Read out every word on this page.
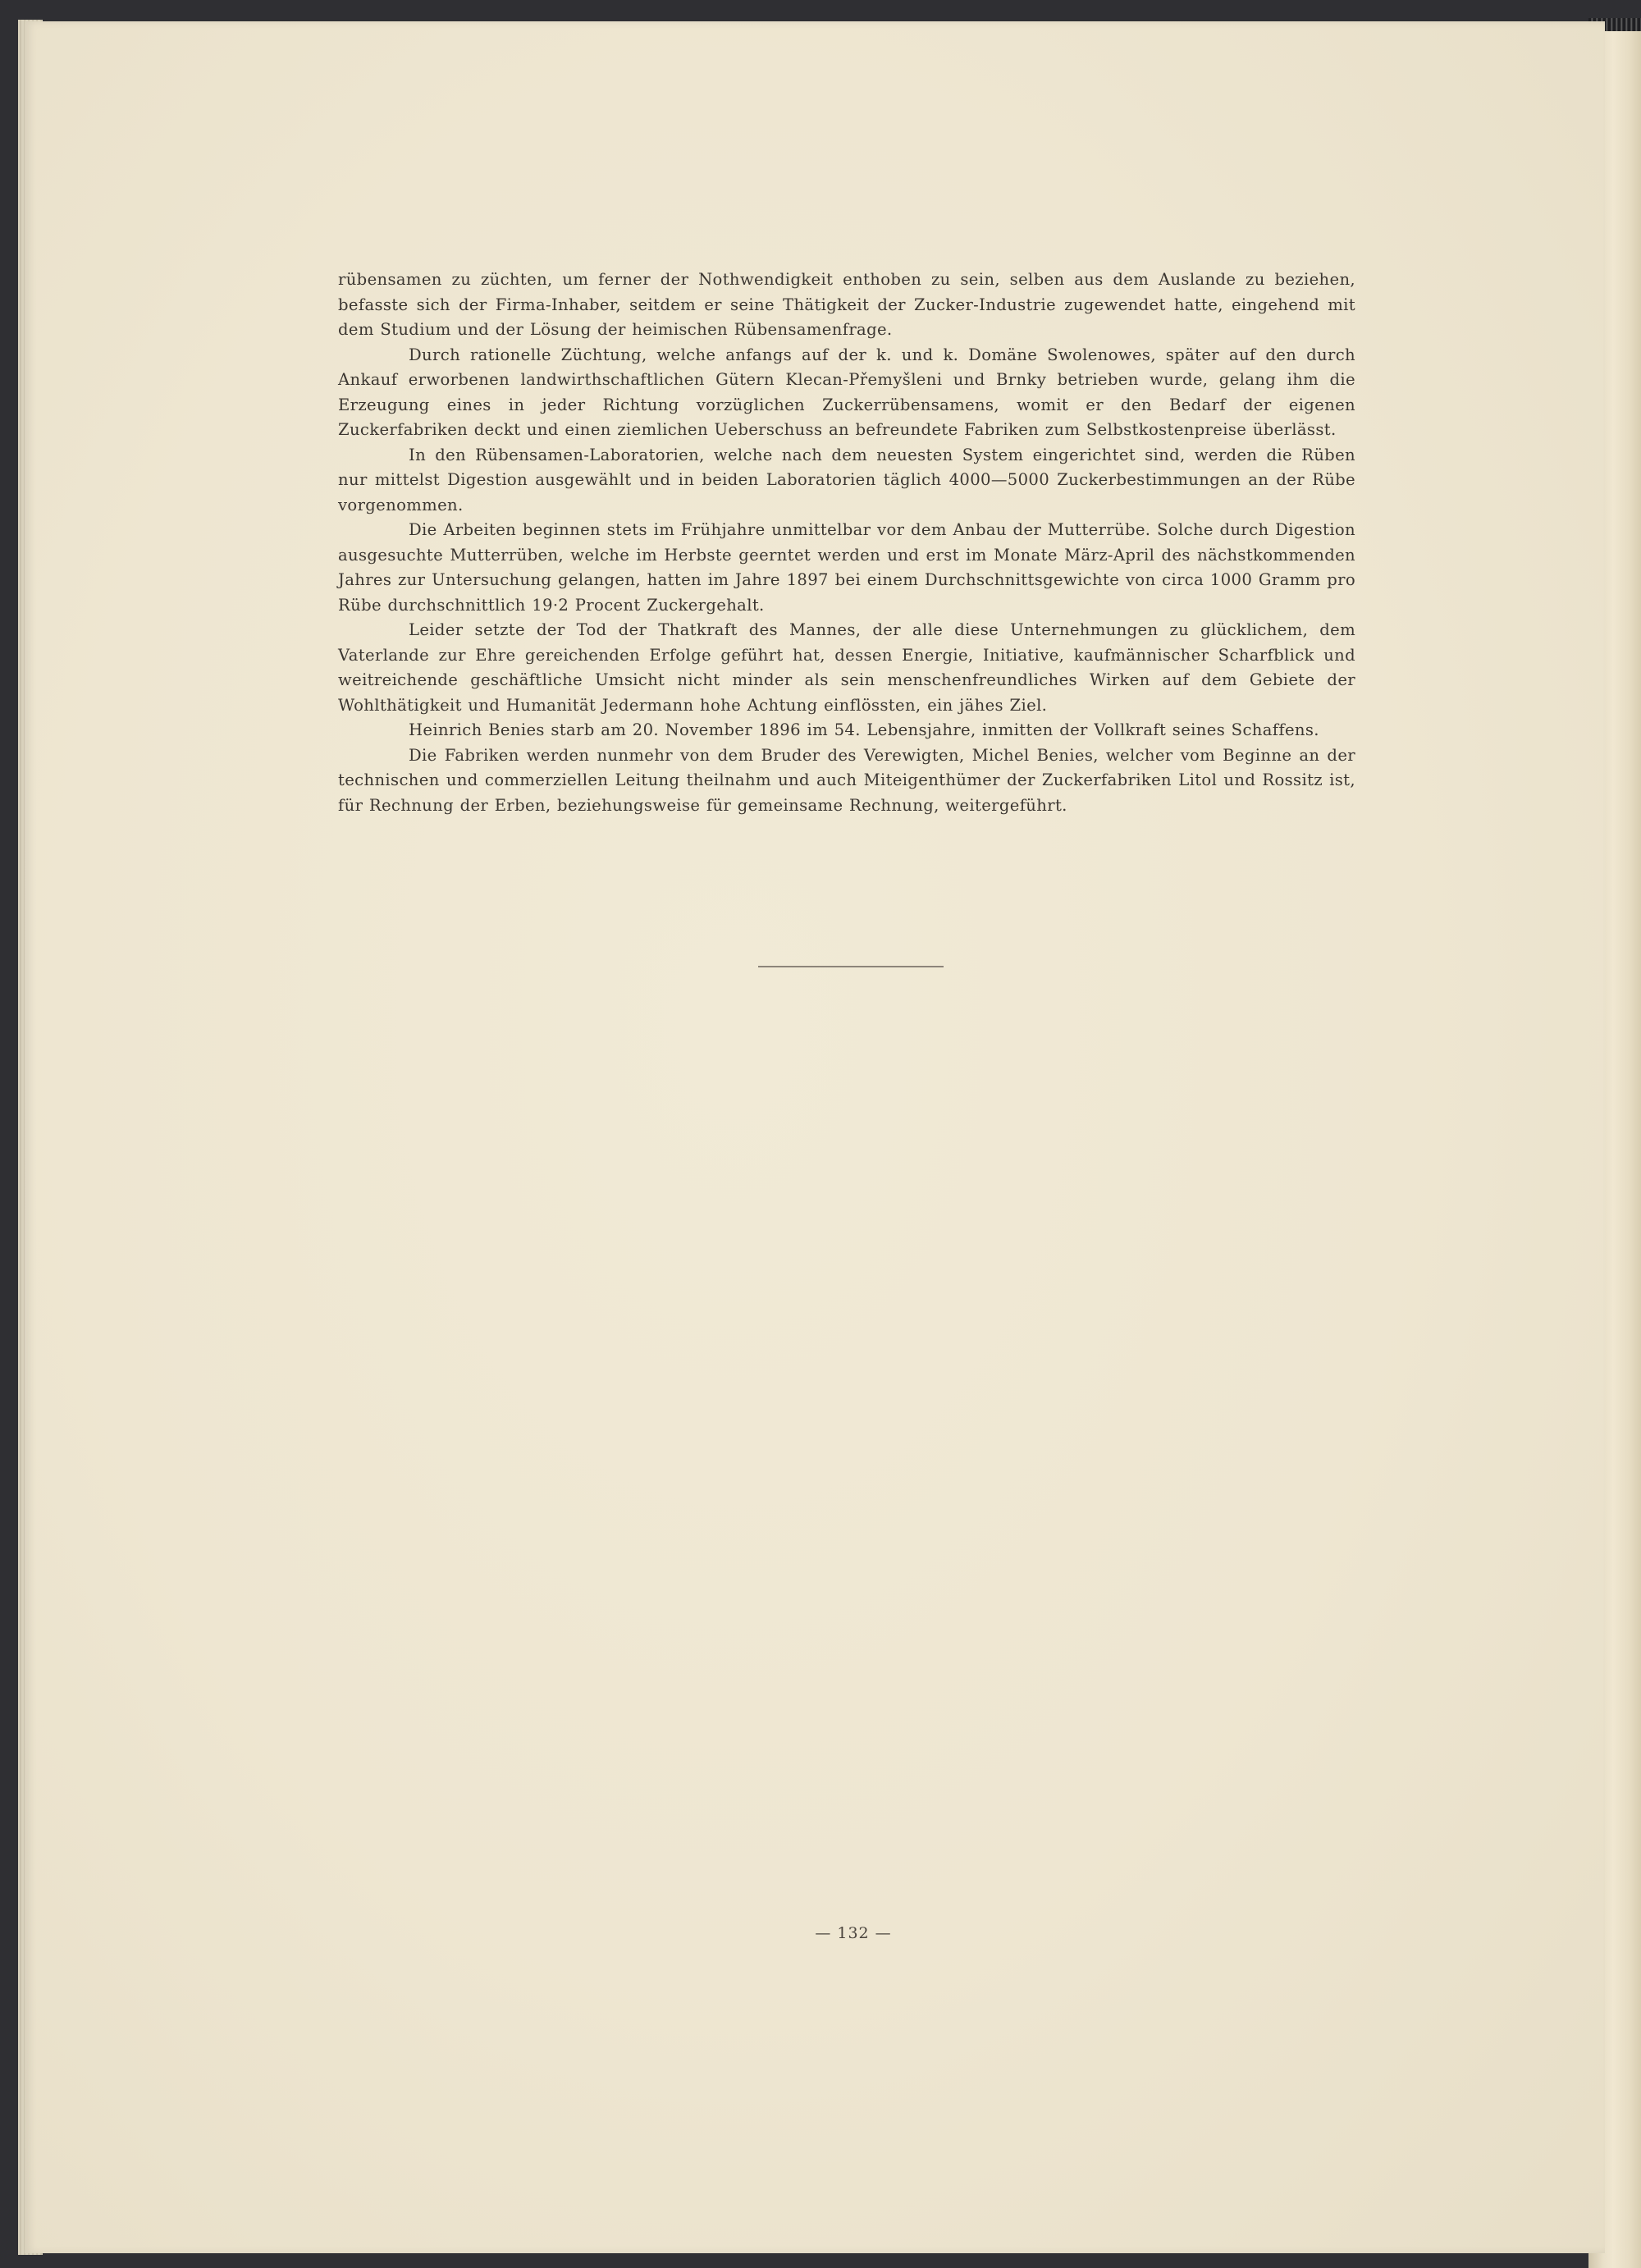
rübensamen zu züchten, um ferner der Nothwendigkeit enthoben zu sein, selben aus dem Auslande zu beziehen, befasste sich der Firma-Inhaber, seitdem er seine Thätigkeit der Zucker-Industrie zugewendet hatte, eingehend mit dem Studium und der Lösung der heimischen Rübensamenfrage.

Durch rationelle Züchtung, welche anfangs auf der k. und k. Domäne Swolenowes, später auf den durch Ankauf erworbenen landwirthschaftlichen Gütern Klecan-Přemyšleni und Brnky betrieben wurde, gelang ihm die Erzeugung eines in jeder Richtung vorzüglichen Zuckerrübensamens, womit er den Bedarf der eigenen Zuckerfabriken deckt und einen ziemlichen Ueberschuss an befreundete Fabriken zum Selbstkostenpreise überlässt.

In den Rübensamen-Laboratorien, welche nach dem neuesten System eingerichtet sind, werden die Rüben nur mittelst Digestion ausgewählt und in beiden Laboratorien täglich 4000—5000 Zuckerbestimmungen an der Rübe vorgenommen.

Die Arbeiten beginnen stets im Frühjahre unmittelbar vor dem Anbau der Mutterrübe. Solche durch Digestion ausgesuchte Mutterrüben, welche im Herbste geerntet werden und erst im Monate März-April des nächstkommenden Jahres zur Untersuchung gelangen, hatten im Jahre 1897 bei einem Durchschnittsgewichte von circa 1000 Gramm pro Rübe durchschnittlich 19·2 Procent Zuckergehalt.

Leider setzte der Tod der Thatkraft des Mannes, der alle diese Unternehmungen zu glücklichem, dem Vaterlande zur Ehre gereichenden Erfolge geführt hat, dessen Energie, Initiative, kaufmännischer Scharfblick und weitreichende geschäftliche Umsicht nicht minder als sein menschenfreundliches Wirken auf dem Gebiete der Wohlthätigkeit und Humanität Jedermann hohe Achtung einflössten, ein jähes Ziel.

Heinrich Benies starb am 20. November 1896 im 54. Lebensjahre, inmitten der Vollkraft seines Schaffens.

Die Fabriken werden nunmehr von dem Bruder des Verewigten, Michel Benies, welcher vom Beginne an der technischen und commerziellen Leitung theilnahm und auch Miteigenthümer der Zuckerfabriken Litol und Rossitz ist, für Rechnung der Erben, beziehungsweise für gemeinsame Rechnung, weitergeführt.

— 132 —
